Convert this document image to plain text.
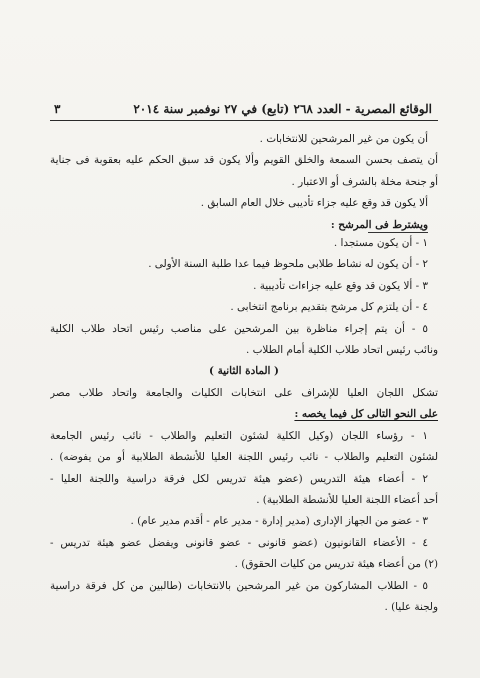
الوقائع المصرية - العدد ٢٦٨ (تابع) في ٢٧ نوفمبر سنة ٢٠١٤
٣
أن يكون من غير المرشحين للانتخابات .
أن يتصف بحسن السمعة والخلق القويم وألا يكون قد سبق الحكم عليه بعقوبة فى جناية
أو جنحة مخلة بالشرف أو الاعتبار .
ألا يكون قد وقع عليه جزاء تأديبى خلال العام السابق .
ويشترط فى المرشح :
١ - أن يكون مستجدا .
٢ - أن يكون له نشاط طلابى ملحوظ فيما عدا طلبة السنة الأولى .
٣ - ألا يكون قد وقع عليه جزاءات تأديبية .
٤ - أن يلتزم كل مرشح بتقديم برنامج انتخابى .
٥ - أن يتم إجراء مناظرة بين المرشحين على مناصب رئيس اتحاد طلاب الكلية
ونائب رئيس اتحاد طلاب الكلية أمام الطلاب .
( المادة الثانية )
تشكل اللجان العليا للإشراف على انتخابات الكليات والجامعة واتحاد طلاب مصر
على النحو التالى كل فيما يخصه :
١ - رؤساء اللجان (وكيل الكلية لشئون التعليم والطلاب - نائب رئيس الجامعة
لشئون التعليم والطلاب - نائب رئيس اللجنة العليا للأنشطة الطلابية أو من يفوضه) .
٢ - أعضاء هيئة التدريس (عضو هيئة تدريس لكل فرقة دراسية واللجنة العليا -
أحد أعضاء اللجنة العليا للأنشطة الطلابية) .
٣ - عضو من الجهاز الإدارى (مدير إدارة - مدير عام - أقدم مدير عام) .
٤ - الأعضاء القانونيون (عضو قانونى - عضو قانونى ويفضل عضو هيئة تدريس -
(٢) من أعضاء هيئة تدريس من كليات الحقوق) .
٥ - الطلاب المشاركون من غير المرشحين بالانتخابات (طالبين من كل فرقة دراسية
ولجنة عليا) .
